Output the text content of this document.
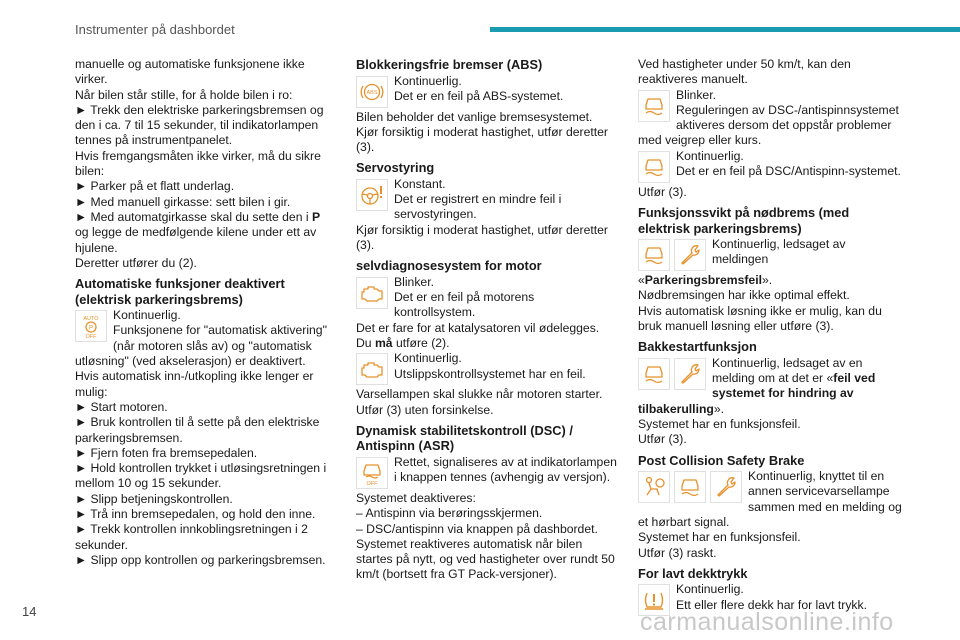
Instrumenter på dashbordet

manuelle og automatiske funksjonene ikke virker.

Når bilen står stille, for å holde bilen i ro:

► Trekk den elektriske parkeringsbremsen og den i ca. 7 til 15 sekunder, til indikatorlampen tennes på instrumentpanelet.

Hvis fremgangsmåten ikke virker, må du sikre bilen:

► Parker på et flatt underlag.

► Med manuell girkasse: sett bilen i gir.

► Med automatgirkasse skal du sette den i P og legge de medfølgende kilene under ett av hjulene.

Deretter utfører du (2).

Automatiske funksjoner deaktivert (elektrisk parkeringsbrems)
AUTO
P
OFF

Kontinuerlig.

Funksjonene for "automatisk aktivering" (når motoren slås av) og "automatisk utløsning" (ved akselerasjon) er deaktivert.

Hvis automatisk inn-/utkopling ikke lenger er mulig:

► Start motoren.

► Bruk kontrollen til å sette på den elektriske parkeringsbremsen.

► Fjern foten fra bremsepedalen.

► Hold kontrollen trykket i utløsingsretningen i mellom 10 og 15 sekunder.

► Slipp betjeningskontrollen.

► Trå inn bremsepedalen, og hold den inne.

► Trekk kontrollen innkoblingsretningen i 2 sekunder.

► Slipp opp kontrollen og parkeringsbremsen.

Blokkeringsfrie bremser (ABS)
ABS

Kontinuerlig.

Det er en feil på ABS-systemet.

Bilen beholder det vanlige bremsesystemet.

Kjør forsiktig i moderat hastighet, utfør deretter (3).

Servostyring

Konstant.

Det er registrert en mindre feil i servostyringen.

Kjør forsiktig i moderat hastighet, utfør deretter (3).

selvdiagnosesystem for motor

Blinker.

Det er en feil på motorens kontrollsystem.

Det er fare for at katalysatoren vil ødelegges.

Du må utføre (2).

Kontinuerlig.

Utslippskontrollsystemet har en feil.

Varsellampen skal slukke når motoren starter.

Utfør (3) uten forsinkelse.

Dynamisk stabilitetskontroll (DSC) / Antispinn (ASR)
OFF

Rettet, signaliseres av at indikatorlampen i knappen tennes (avhengig av versjon).

Systemet deaktiveres:

– Antispinn via berøringsskjermen.

– DSC/antispinn via knappen på dashbordet.

Systemet reaktiveres automatisk når bilen startes på nytt, og ved hastigheter over rundt 50 km/t (bortsett fra GT Pack-versjoner).

Ved hastigheter under 50 km/t, kan den reaktiveres manuelt.

Blinker.

Reguleringen av DSC-/antispinnsystemet aktiveres dersom det oppstår problemer med veigrep eller kurs.

Kontinuerlig.

Det er en feil på DSC/Antispinn-systemet.

Utfør (3).

Funksjonssvikt på nødbrems (med elektrisk parkeringsbrems)

Kontinuerlig, ledsaget av meldingen

«Parkeringsbremsfeil».

Nødbremsingen har ikke optimal effekt.

Hvis automatisk løsning ikke er mulig, kan du bruk manuell løsning eller utføre (3).

Bakkestartfunksjon

Kontinuerlig, ledsaget av en melding om at det er «feil ved systemet for hindring av tilbakerulling».

Systemet har en funksjonsfeil.

Utfør (3).

Post Collision Safety Brake

Kontinuerlig, knyttet til en annen servicevarsellampe sammen med en melding og et hørbart signal.

Systemet har en funksjonsfeil.

Utfør (3) raskt.

For lavt dekktrykk

Kontinuerlig.

Ett eller flere dekk har for lavt trykk.

14	carmanualsonline.info
